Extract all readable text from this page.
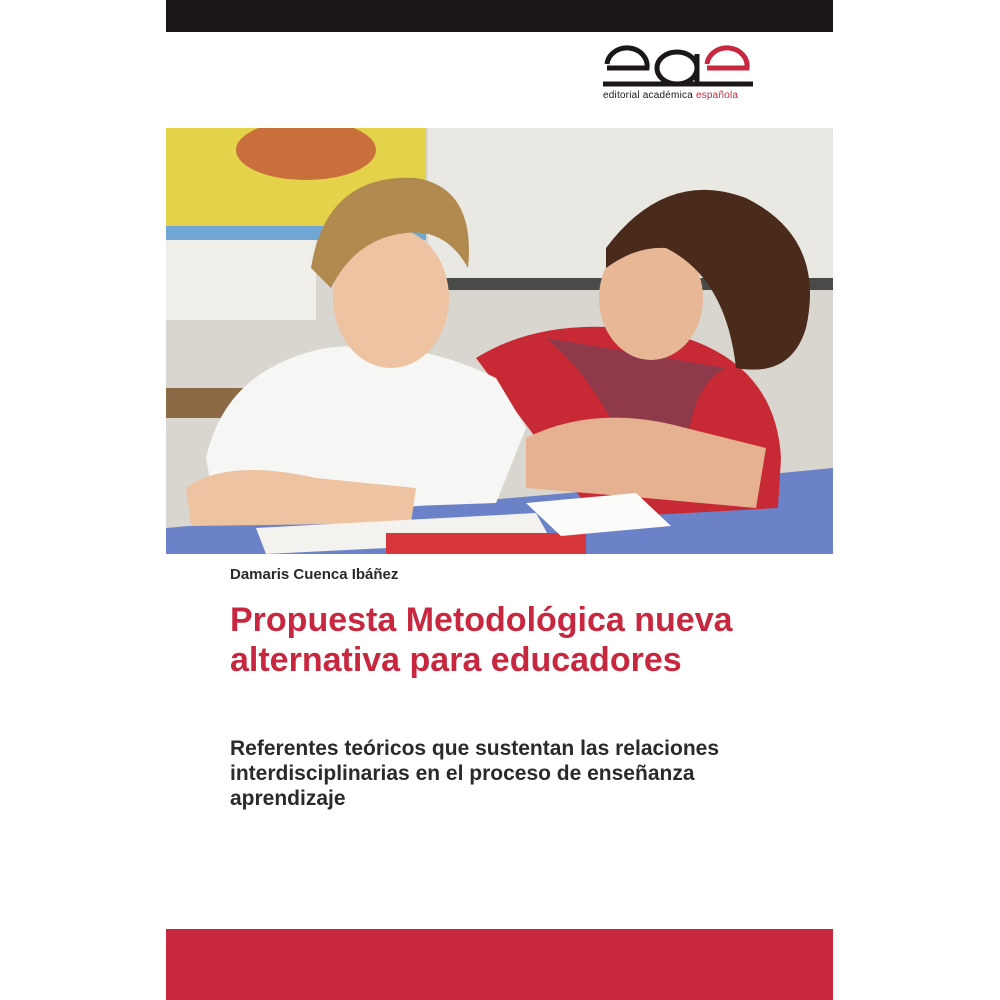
editorial académica española
Damaris Cuenca Ibáñez
Propuesta Metodológica nueva alternativa para educadores

Referentes teóricos que sustentan las relaciones interdisciplinarias en el proceso de enseñanza aprendizaje
